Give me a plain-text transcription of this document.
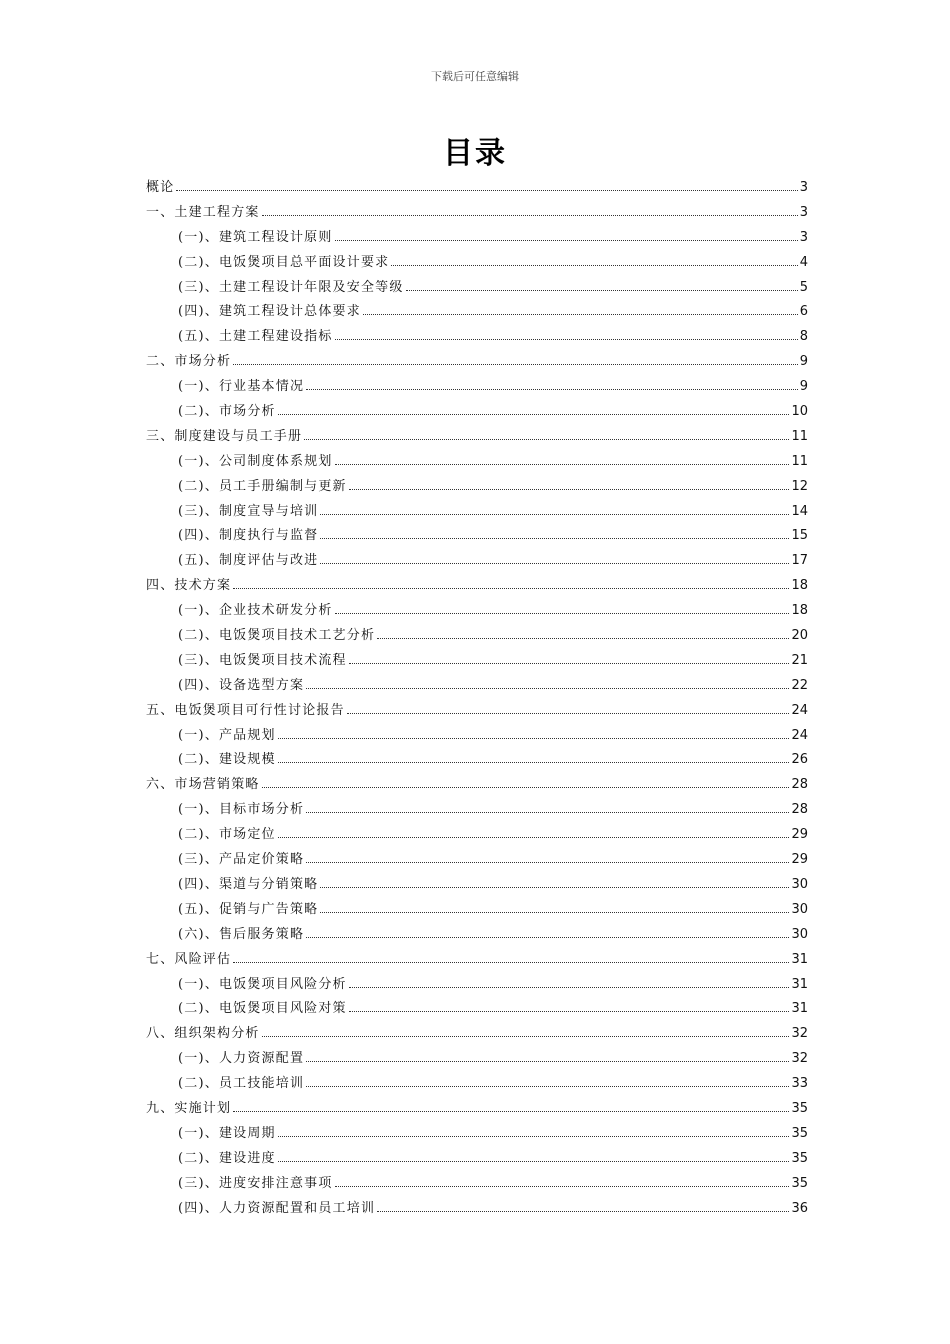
下载后可任意编辑
目录
概论	3
一、土建工程方案	3
(一)、建筑工程设计原则	3
(二)、电饭煲项目总平面设计要求	4
(三)、土建工程设计年限及安全等级	5
(四)、建筑工程设计总体要求	6
(五)、土建工程建设指标	8
二、市场分析	9
(一)、行业基本情况	9
(二)、市场分析	10
三、制度建设与员工手册	11
(一)、公司制度体系规划	11
(二)、员工手册编制与更新	12
(三)、制度宣导与培训	14
(四)、制度执行与监督	15
(五)、制度评估与改进	17
四、技术方案	18
(一)、企业技术研发分析	18
(二)、电饭煲项目技术工艺分析	20
(三)、电饭煲项目技术流程	21
(四)、设备选型方案	22
五、电饭煲项目可行性讨论报告	24
(一)、产品规划	24
(二)、建设规模	26
六、市场营销策略	28
(一)、目标市场分析	28
(二)、市场定位	29
(三)、产品定价策略	29
(四)、渠道与分销策略	30
(五)、促销与广告策略	30
(六)、售后服务策略	30
七、风险评估	31
(一)、电饭煲项目风险分析	31
(二)、电饭煲项目风险对策	31
八、组织架构分析	32
(一)、人力资源配置	32
(二)、员工技能培训	33
九、实施计划	35
(一)、建设周期	35
(二)、建设进度	35
(三)、进度安排注意事项	35
(四)、人力资源配置和员工培训	36
